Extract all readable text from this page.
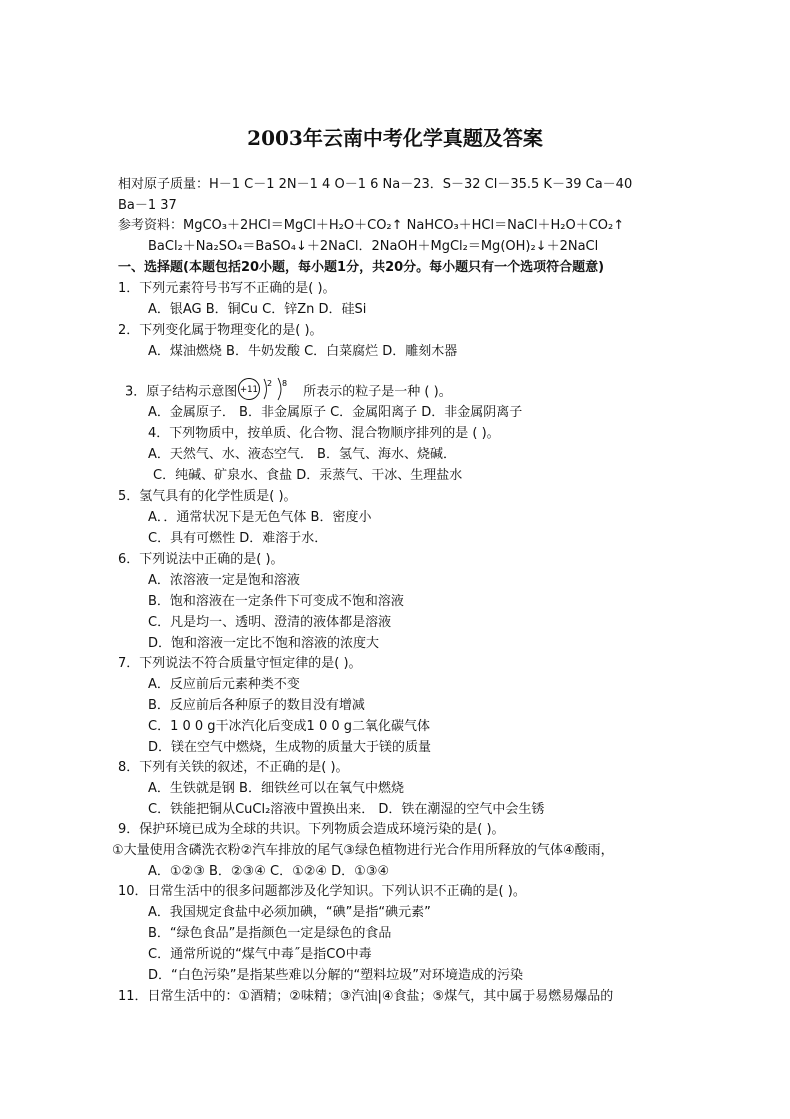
2003年云南中考化学真题及答案
相对原子质量：H－1 C－1 2N－1 4 O－1 6 Na－23．S－32 Cl－35.5 K－39 Ca－40
Ba－1 37
参考资料：MgCO₃＋2HCl＝MgCl＋H₂O＋CO₂↑ NaHCO₃＋HCl＝NaCl＋H₂O＋CO₂↑
BaCl₂＋Na₂SO₄＝BaSO₄↓＋2NaCl．2NaOH＋MgCl₂＝Mg(OH)₂↓＋2NaCl
一、选择题(本题包括20小题，每小题1分，共20分。每小题只有一个选项符合题意)
1．下列元素符号书写不正确的是( )。
A．银AG B．铜Cu C．锌Zn D．硅Si
2．下列变化属于物理变化的是( )。
A．煤油燃烧 B．牛奶发酸 C．白菜腐烂 D．雕刻木器
3．原子结构示意图 +11
2 8
所表示的粒子是一种 ( )。
A．金属原子． B．非金属原子 C．金属阳离子 D．非金属阴离子
4．下列物质中，按单质、化合物、混合物顺序排列的是 ( )。
A．天然气、水、液态空气． B．氢气、海水、烧碱．
C．纯碱、矿泉水、食盐 D．汞蒸气、干冰、生理盐水
5．氢气具有的化学性质是( )。
A．．通常状况下是无色气体 B．密度小
C．具有可燃性 D．难溶于水．
6．下列说法中正确的是( )。
A．浓溶液一定是饱和溶液
B．饱和溶液在一定条件下可变成不饱和溶液
C．凡是均一、透明、澄清的液体都是溶液
D．饱和溶液一定比不饱和溶液的浓度大
7．下列说法不符合质量守恒定律的是( )。
A．反应前后元素种类不变
B．反应前后各种原子的数目没有增减
C．1 0 0 g干冰汽化后变成1 0 0 g二氧化碳气体
D．镁在空气中燃烧，生成物的质量大于镁的质量
8．下列有关铁的叙述，不正确的是( )。
A．生铁就是钢 B．细铁丝可以在氧气中燃烧
C．铁能把铜从CuCl₂溶液中置换出来． D．铁在潮湿的空气中会生锈
9．保护环境已成为全球的共识。下列物质会造成环境污染的是( )。
①大量使用含磷洗衣粉②汽车排放的尾气③绿色植物进行光合作用所释放的气体④酸雨，
A．①②③ B．②③④ C．①②④ D．①③④
10．日常生活中的很多问题都涉及化学知识。下列认识不正确的是( )。
A．我国规定食盐中必须加碘，“碘”是指“碘元素”
B．“绿色食品”是指颜色一定是绿色的食品
C．通常所说的“煤气中毒˝是指CO中毒
D．“白色污染”是指某些难以分解的“塑料垃圾”对环境造成的污染
11．日常生活中的：①酒精；②味精；③汽油|④食盐；⑤煤气，其中属于易燃易爆品的
